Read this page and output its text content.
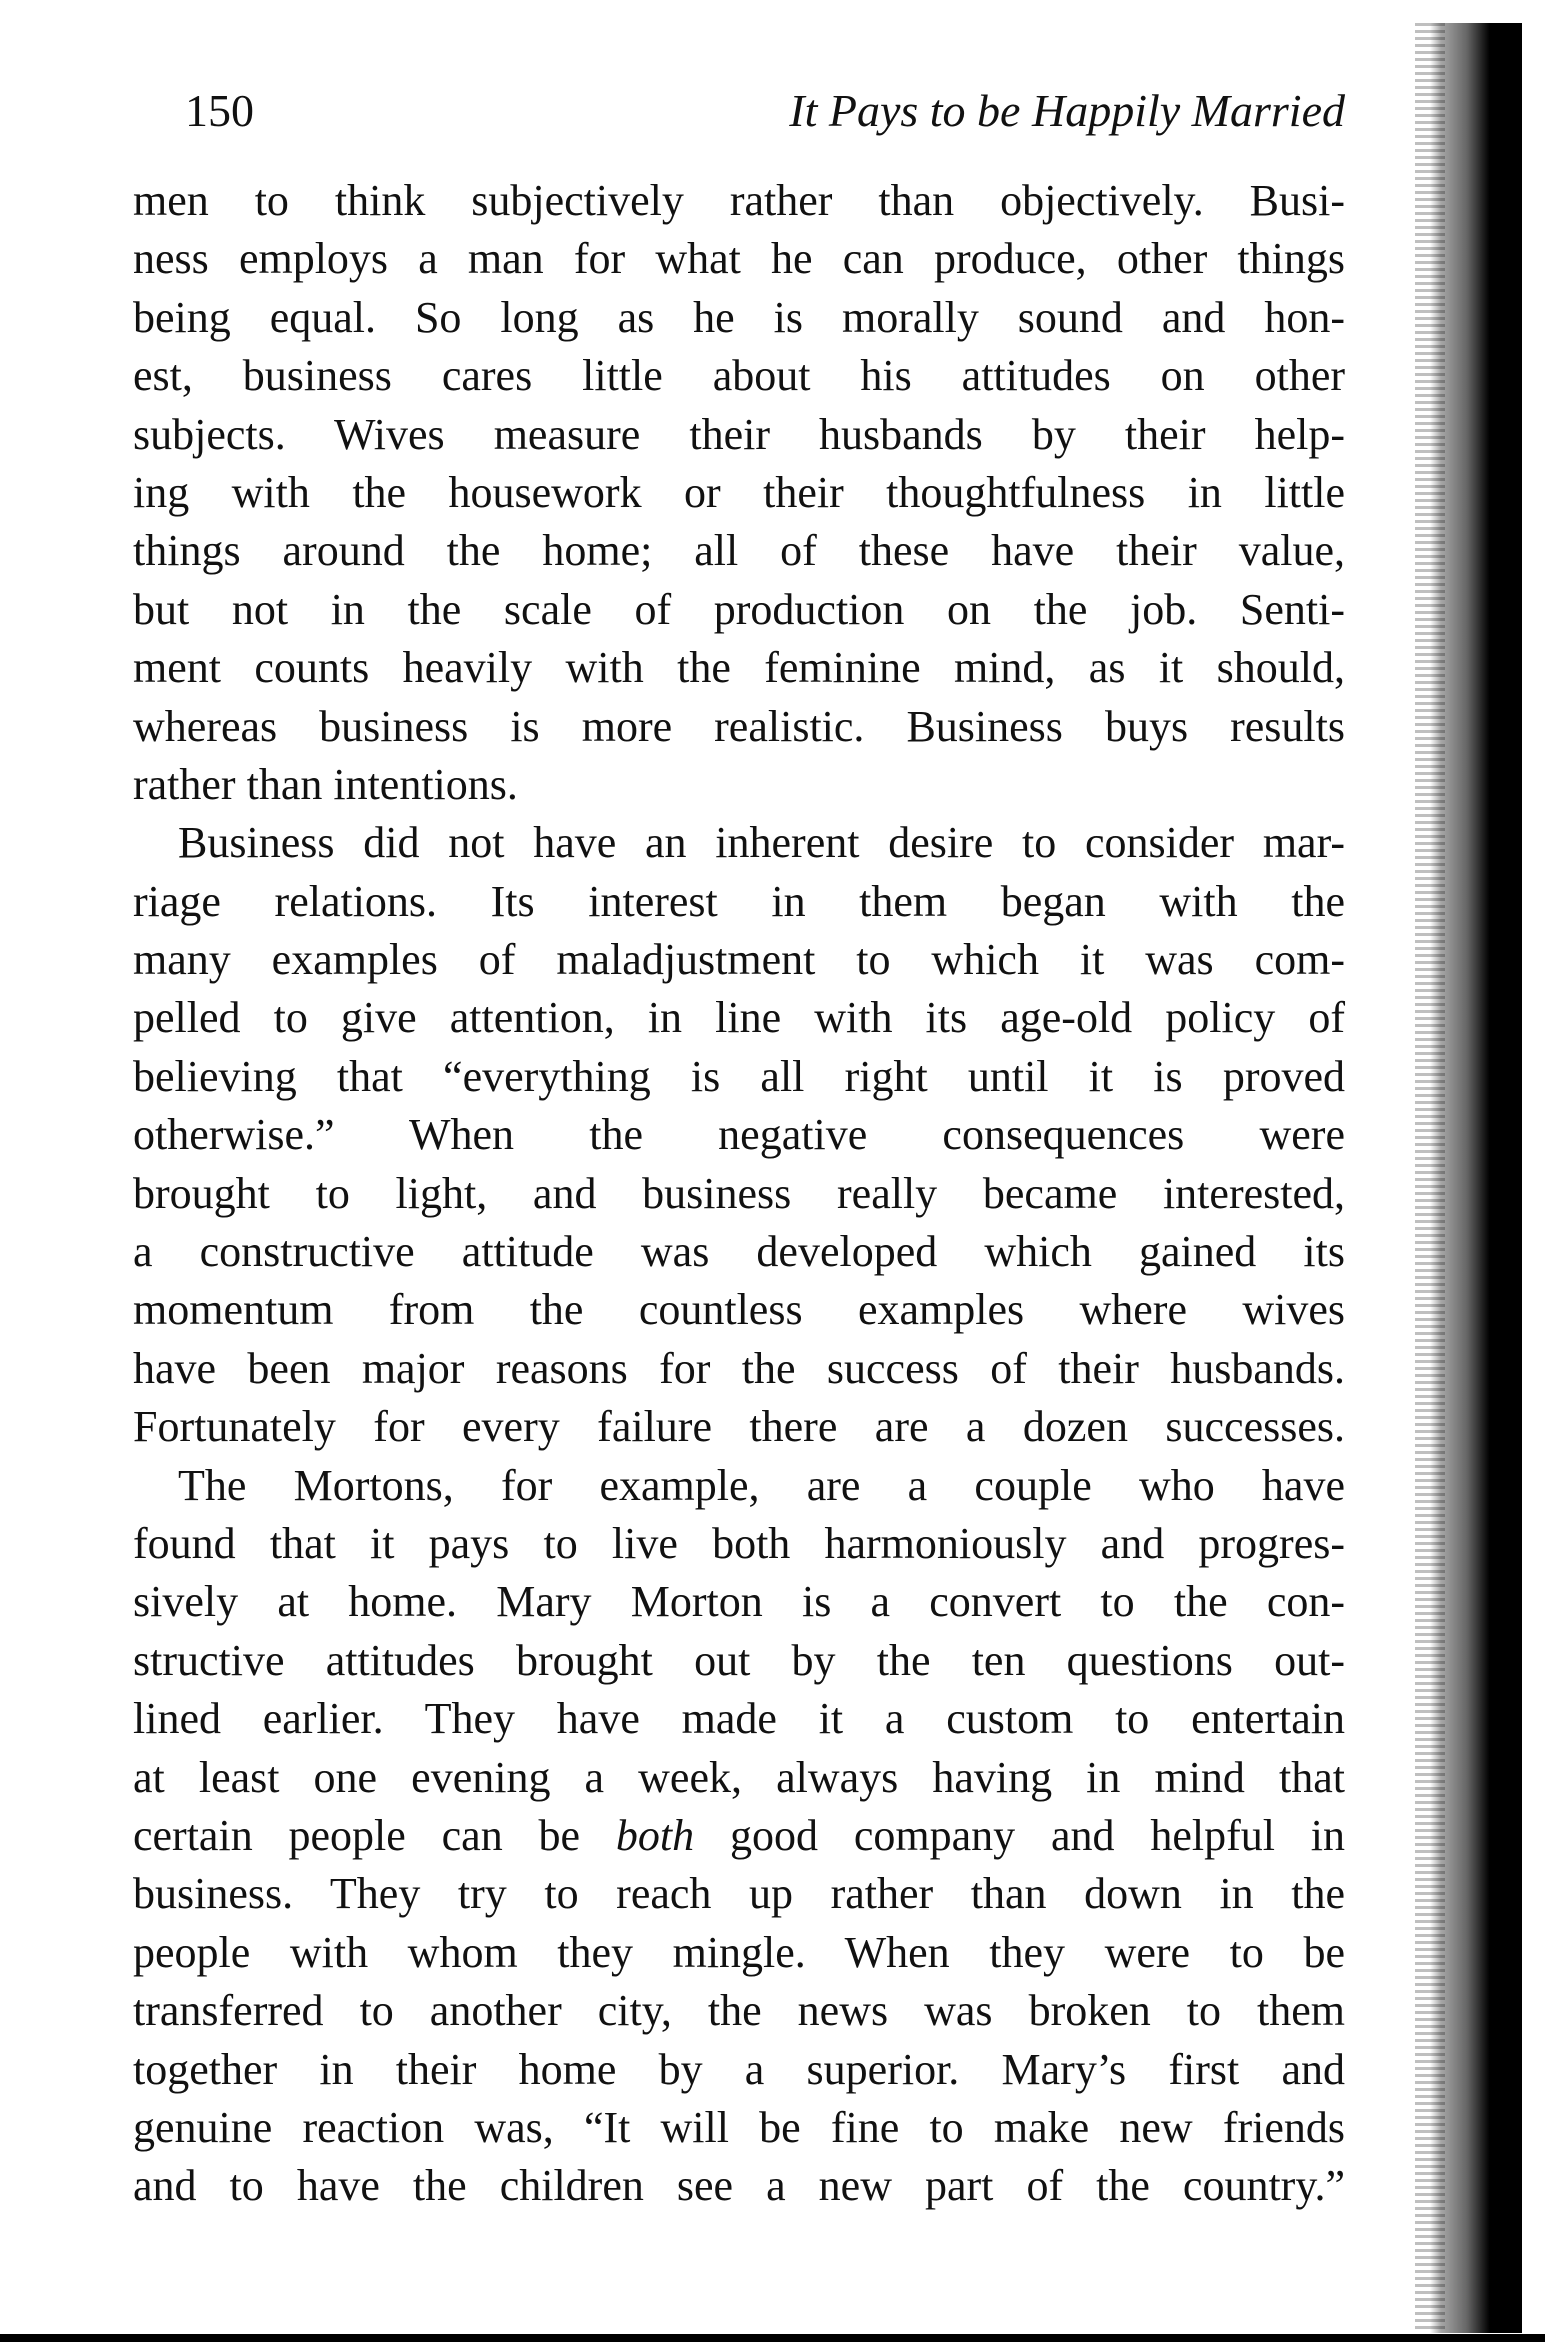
150	It Pays to be Happily Married
men to think subjectively rather than objectively. Busi-
ness employs a man for what he can produce, other things
being equal. So long as he is morally sound and hon-
est, business cares little about his attitudes on other
subjects. Wives measure their husbands by their help-
ing with the housework or their thoughtfulness in little
things around the home; all of these have their value,
but not in the scale of production on the job. Senti-
ment counts heavily with the feminine mind, as it should,
whereas business is more realistic. Business buys results
rather than intentions.
Business did not have an inherent desire to consider mar-
riage relations. Its interest in them began with the
many examples of maladjustment to which it was com-
pelled to give attention, in line with its age-old policy of
believing that “everything is all right until it is proved
otherwise.” When the negative consequences were
brought to light, and business really became interested,
a constructive attitude was developed which gained its
momentum from the countless examples where wives
have been major reasons for the success of their husbands.
Fortunately for every failure there are a dozen successes.
The Mortons, for example, are a couple who have
found that it pays to live both harmoniously and progres-
sively at home. Mary Morton is a convert to the con-
structive attitudes brought out by the ten questions out-
lined earlier. They have made it a custom to entertain
at least one evening a week, always having in mind that
certain people can be both good company and helpful in
business. They try to reach up rather than down in the
people with whom they mingle. When they were to be
transferred to another city, the news was broken to them
together in their home by a superior. Mary’s first and
genuine reaction was, “It will be fine to make new friends
and to have the children see a new part of the country.”
